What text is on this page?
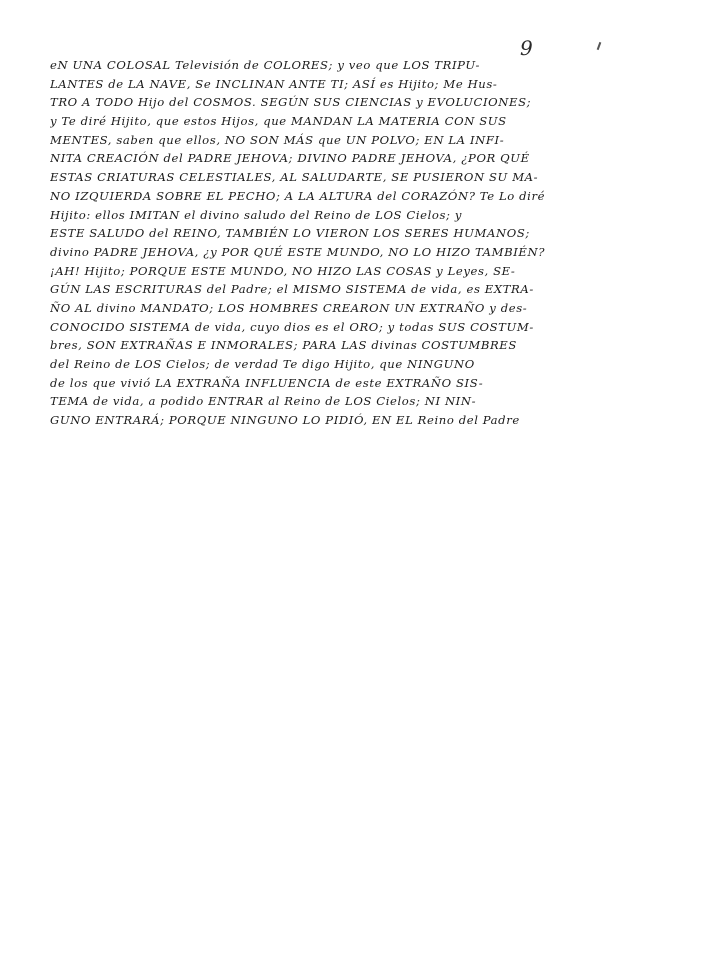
9
eN UNA COLOSAL Televisión de COLORES; y veo que LOS TRIPU-
LANTES de LA NAVE, Se INCLINAN ANTE TI; ASÍ es Hijito; Me Hus-
TRO A TODO Hijo del COSMOS. SEGÚN SUS CIENCIAS y EVOLUCIONES;
y Te diré Hijito, que estos Hijos, que MANDAN LA MATERIA CON SUS
MENTES, saben que ellos, NO SON MÁS que UN POLVO; EN LA INFI-
NITA CREACIÓN del PADRE JEHOVA; DIVINO PADRE JEHOVA, ¿POR QUÉ
ESTAS CRIATURAS CELESTIALES, AL SALUDARTE, SE PUSIERON SU MA-
NO IZQUIERDA SOBRE EL PECHO; A LA ALTURA del CORAZÓN? Te Lo diré
Hijito: ellos IMITAN el divino saludo del Reino de LOS Cielos; y
ESTE SALUDO del REINO, TAMBIÉN LO VIERON LOS SERES HUMANOS;
divino PADRE JEHOVA, ¿y POR QUÉ ESTE MUNDO, NO LO HIZO TAMBIÉN?
¡AH! Hijito; PORQUE ESTE MUNDO, NO HIZO LAS COSAS y Leyes, SE-
GÚN LAS ESCRITURAS del Padre; el MISMO SISTEMA de vida, es EXTRA-
ÑO AL divino MANDATO; LOS HOMBRES CREARON UN EXTRAÑO y des-
CONOCIDO SISTEMA de vida, cuyo dios es el ORO; y todas SUS COSTUM-
bres, SON EXTRAÑAS E INMORALES; PARA LAS divinas COSTUMBRES
del Reino de LOS Cielos; de verdad Te digo Hijito, que NINGUNO
de los que vivió LA EXTRAÑA INFLUENCIA de este EXTRAÑO SIS-
TEMA de vida, a podido ENTRAR al Reino de LOS Cielos; NI NIN-
GUNO ENTRARÁ; PORQUE NINGUNO LO PIDIÓ, EN EL Reino del Padre
